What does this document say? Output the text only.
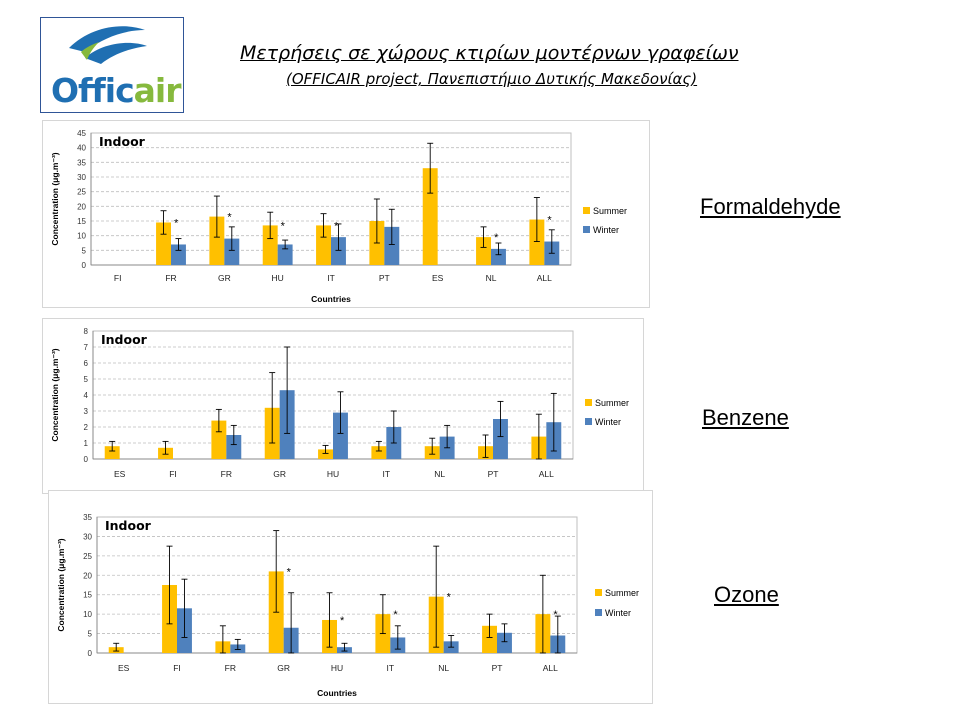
Officair
Μετρήσεις σε χώρους κτιρίων μοντέρνων γραφείων
(OFFICAIR project, Πανεπιστήμιο Δυτικής Μακεδονίας)
0
5
10
15
20
25
30
35
40
45
Concentration (μg.m⁻³)
Indoor
FI	FR
*
GR
*
HU
*
IT
*
PT	ES	NL
*
ALL
*
Countries
Summer
Winter
0
1
2
3
4
5
6
7
8
Concentration (μg.m⁻³)
Indoor
ES	FI	FR	GR	HU	IT	NL	PT	ALL
Summer
Winter
0
5
10
15
20
25
30
35
Concentration (μg.m⁻³)
Indoor
ES	FI	FR	GR
*
HU
*
IT
*
NL
*
PT	ALL
*
Countries
Summer
Winter
Formaldehyde
Benzene
Ozone
